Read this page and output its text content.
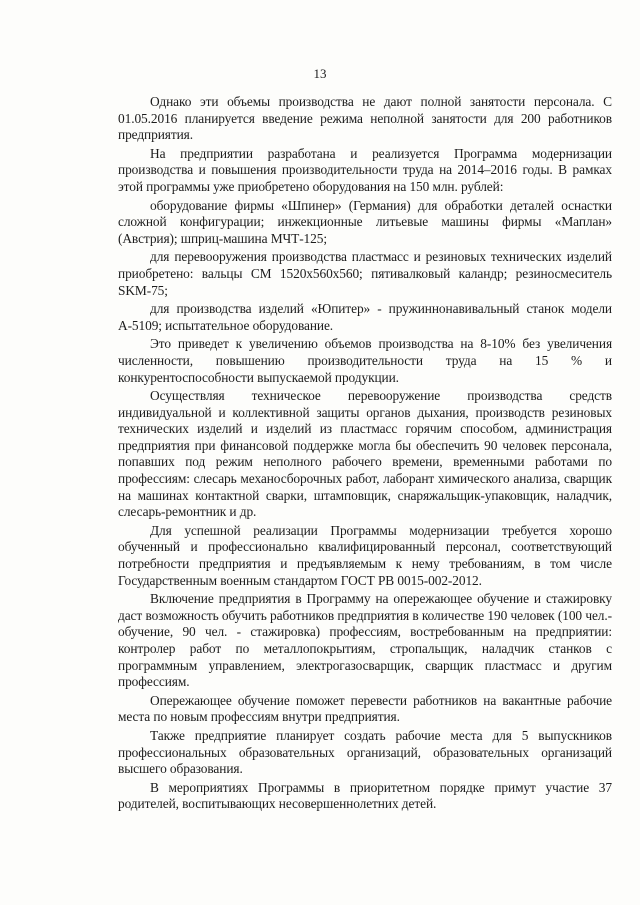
13

Однако эти объемы производства не дают полной занятости персонала. С 01.05.2016 планируется введение режима неполной занятости для 200 работников предприятия.

На предприятии разработана и реализуется Программа модернизации производства и повышения производительности труда на 2014–2016 годы. В рамках этой программы уже приобретено оборудования на 150 млн. рублей:

оборудование фирмы «Шпинер» (Германия) для обработки деталей оснастки сложной конфигурации; инжекционные литьевые машины фирмы «Маплан» (Австрия); шприц-машина МЧТ-125;

для перевооружения производства пластмасс и резиновых технических изделий приобретено: вальцы СМ 1520x560x560; пятивалковый каландр; резиносмеситель SKM-75;

для производства изделий «Юпитер» - пружиннонавивальный станок модели А-5109; испытательное оборудование.

Это приведет к увеличению объемов производства на 8-10% без увеличения численности, повышению производительности труда на 15 % и конкурентоспособности выпускаемой продукции.

Осуществляя техническое перевооружение производства средств индивидуальной и коллективной защиты органов дыхания, производств резиновых технических изделий и изделий из пластмасс горячим способом, администрация предприятия при финансовой поддержке могла бы обеспечить 90 человек персонала, попавших под режим неполного рабочего времени, временными работами по профессиям: слесарь механосборочных работ, лаборант химического анализа, сварщик на машинах контактной сварки, штамповщик, снаряжальщик-упаковщик, наладчик, слесарь-ремонтник и др.

Для успешной реализации Программы модернизации требуется хорошо обученный и профессионально квалифицированный персонал, соответствующий потребности предприятия и предъявляемым к нему требованиям, в том числе Государственным военным стандартом ГОСТ РВ 0015-002-2012.

Включение предприятия в Программу на опережающее обучение и стажировку даст возможность обучить работников предприятия в количестве 190 человек (100 чел.- обучение, 90 чел. - стажировка) профессиям, востребованным на предприятии: контролер работ по металлопокрытиям, стропальщик, наладчик станков с программным управлением, электрогазосварщик, сварщик пластмасс и другим профессиям.

Опережающее обучение поможет перевести работников на вакантные рабочие места по новым профессиям внутри предприятия.

Также предприятие планирует создать рабочие места для 5 выпускников профессиональных образовательных организаций, образовательных организаций высшего образования.

В мероприятиях Программы в приоритетном порядке примут участие 37 родителей, воспитывающих несовершеннолетних детей.
